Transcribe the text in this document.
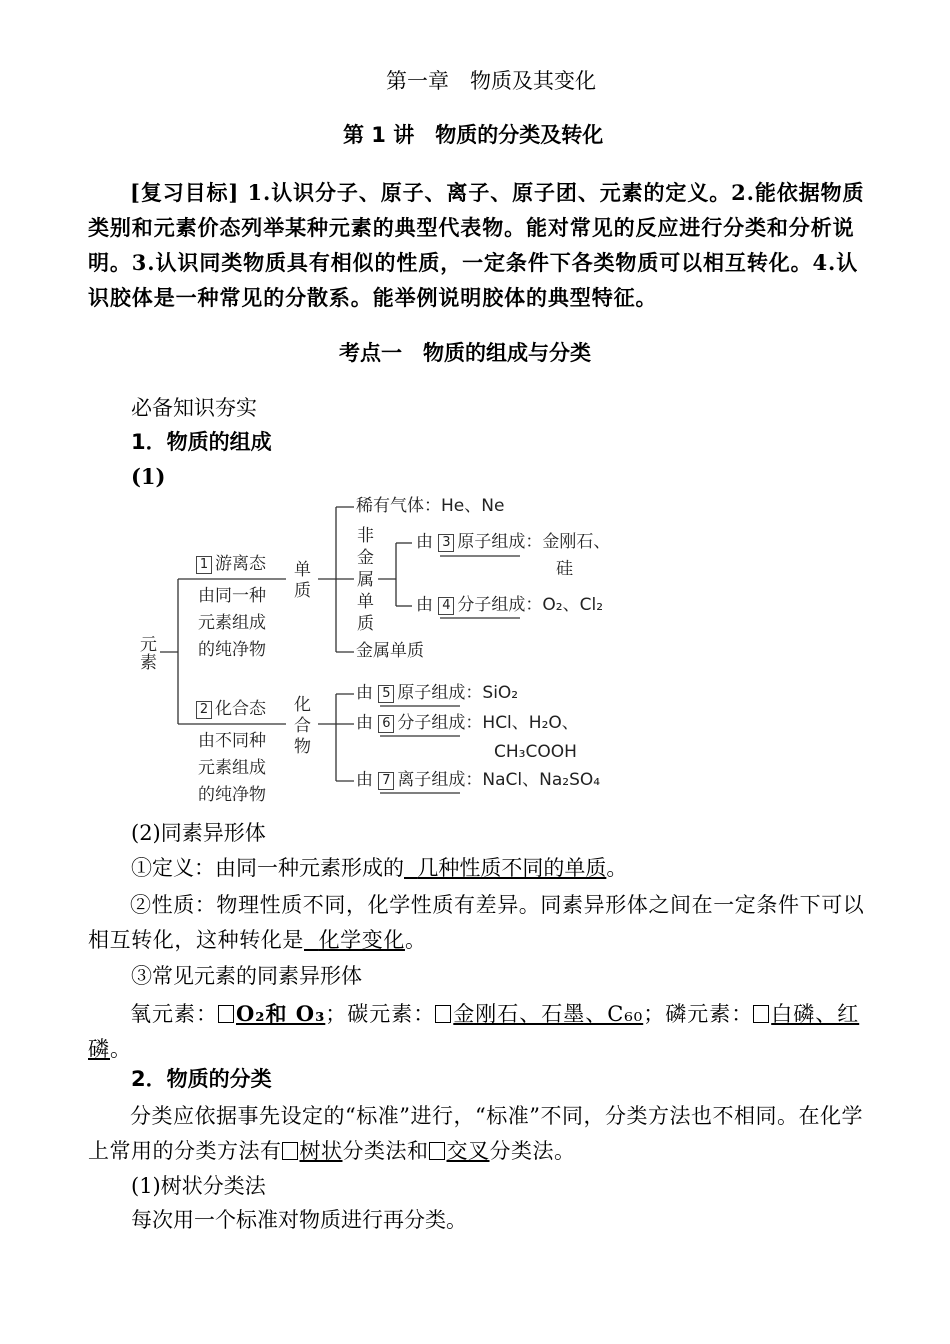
第一章　物质及其变化
第 1 讲　物质的分类及转化
[复习目标] 1.认识分子、原子、离子、原子团、元素的定义。2.能依据物质类别和元素价态列举某种元素的典型代表物。能对常见的反应进行分类和分析说明。3.认识同类物质具有相似的性质，一定条件下各类物质可以相互转化。4.认识胶体是一种常见的分散系。能举例说明胶体的典型特征。
考点一　物质的组成与分类
必备知识夯实
1．物质的组成
(1)
元素
1 游离态
由同一种
元素组成
的纯净物
单质
稀有气体：He、Ne
非
金
属
单
质
由 3 原子组成：金刚石、
硅
由 4 分子组成：O₂、Cl₂
金属单质
2 化合态
由不同种
元素组成
的纯净物
化
合
物
由 5 原子组成：SiO₂
由 6 分子组成：HCl、H₂O、
CH₃COOH
由 7 离子组成：NaCl、Na₂SO₄
(2)同素异形体
①定义：由同一种元素形成的 几种性质不同的单质。
②性质：物理性质不同，化学性质有差异。同素异形体之间在一定条件下可以相互转化，这种转化是 化学变化。
③常见元素的同素异形体
氧元素： O₂和 O₃；碳元素： 金刚石、石墨、C₆₀；磷元素： 白磷、红磷。
2．物质的分类
分类应依据事先设定的“标准”进行，“标准”不同，分类方法也不相同。在化学上常用的分类方法有 树状分类法和 交叉分类法。
(1)树状分类法
每次用一个标准对物质进行再分类。
